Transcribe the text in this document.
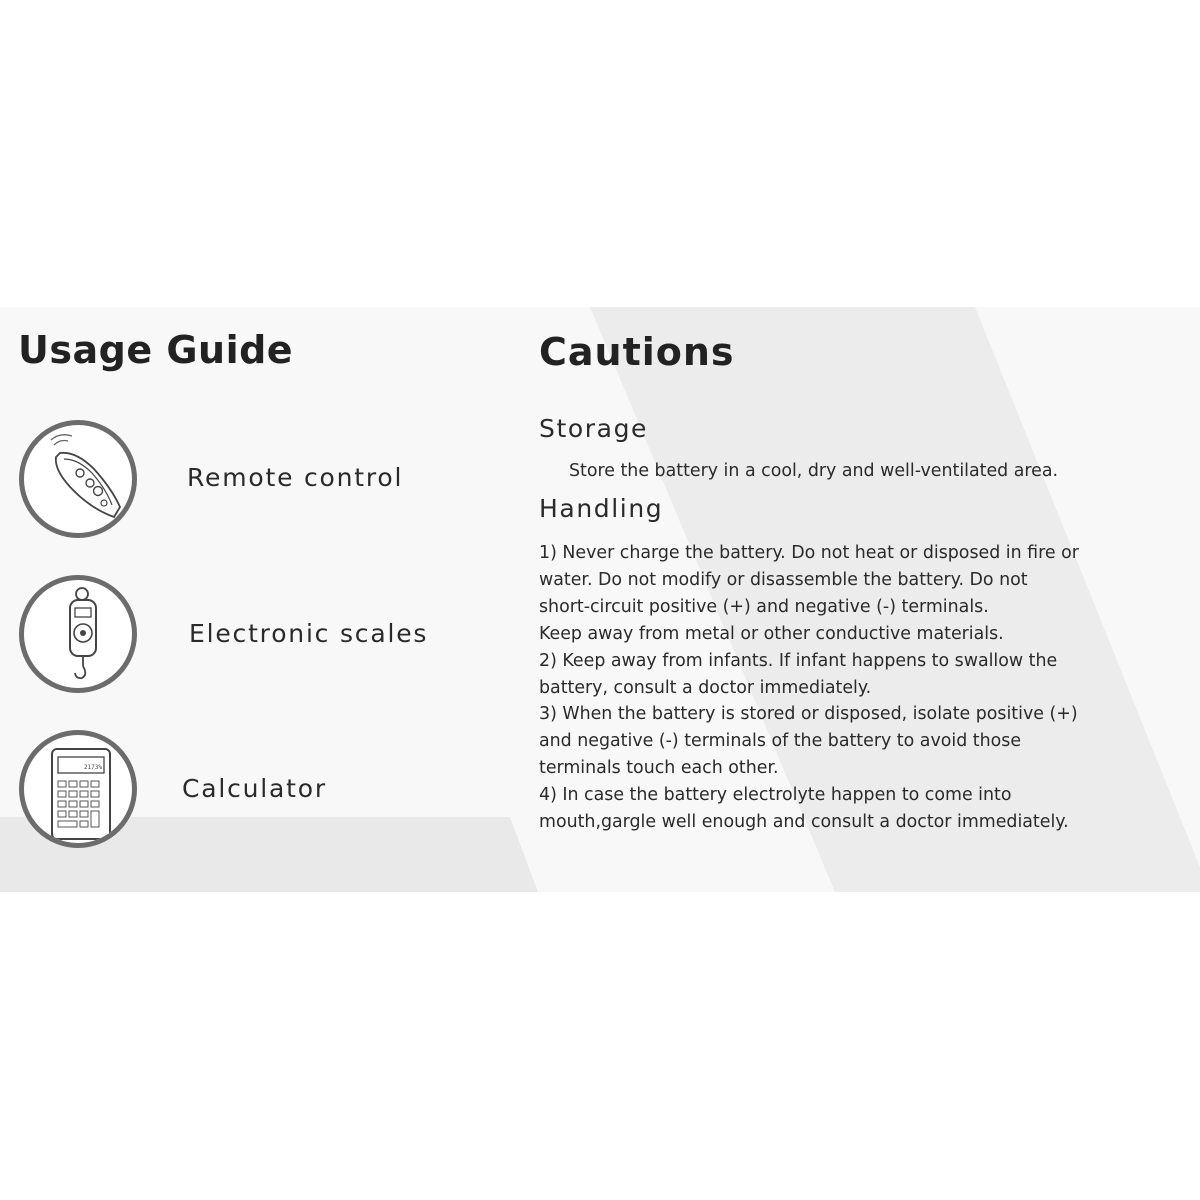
Usage Guide	Cautions
Remote control
Electronic scales
2173%
Calculator
Storage

Store the battery in a cool, dry and well-ventilated area.

Handling
1) Never charge the battery. Do not heat or disposed in fire or
water. Do not modify or disassemble the battery. Do not
short-circuit positive (+) and negative (-) terminals.
Keep away from metal or other conductive materials.
2) Keep away from infants. If infant happens to swallow the
battery, consult a doctor immediately.
3) When the battery is stored or disposed, isolate positive (+)
and negative (-) terminals of the battery to avoid those
terminals touch each other.
4) In case the battery electrolyte happen to come into
mouth,gargle well enough and consult a doctor immediately.
